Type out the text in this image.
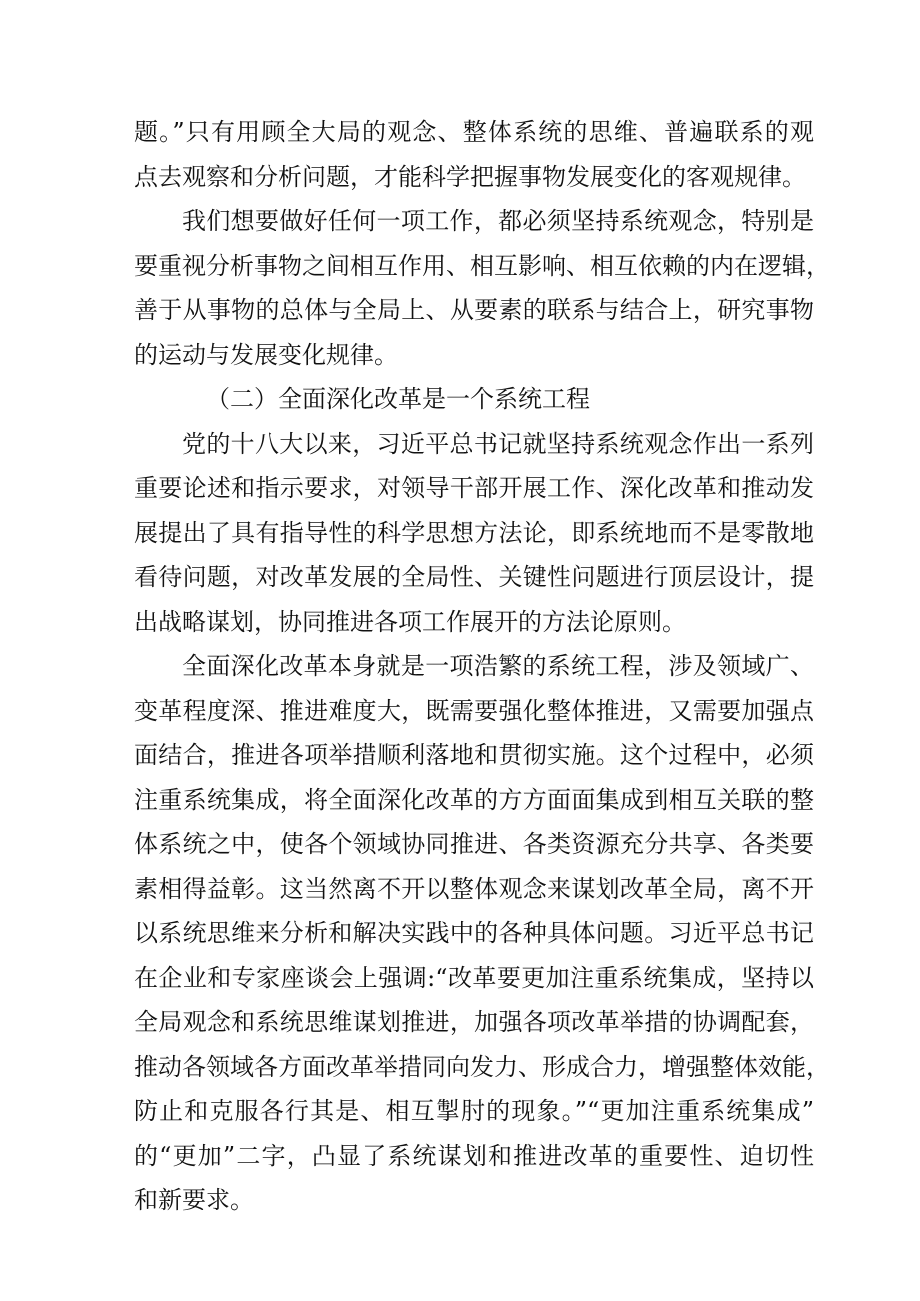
题。”只有用顾全大局的观念、整体系统的思维、普遍联系的观
点去观察和分析问题，才能科学把握事物发展变化的客观规律。
我们想要做好任何一项工作，都必须坚持系统观念，特别是
要重视分析事物之间相互作用、相互影响、相互依赖的内在逻辑，
善于从事物的总体与全局上、从要素的联系与结合上，研究事物
的运动与发展变化规律。
（二）全面深化改革是一个系统工程
党的十八大以来，习近平总书记就坚持系统观念作出一系列
重要论述和指示要求，对领导干部开展工作、深化改革和推动发
展提出了具有指导性的科学思想方法论，即系统地而不是零散地
看待问题，对改革发展的全局性、关键性问题进行顶层设计，提
出战略谋划，协同推进各项工作展开的方法论原则。
全面深化改革本身就是一项浩繁的系统工程，涉及领域广、
变革程度深、推进难度大，既需要强化整体推进，又需要加强点
面结合，推进各项举措顺利落地和贯彻实施。这个过程中，必须
注重系统集成，将全面深化改革的方方面面集成到相互关联的整
体系统之中，使各个领域协同推进、各类资源充分共享、各类要
素相得益彰。这当然离不开以整体观念来谋划改革全局，离不开
以系统思维来分析和解决实践中的各种具体问题。习近平总书记
在企业和专家座谈会上强调:“改革要更加注重系统集成，坚持以
全局观念和系统思维谋划推进，加强各项改革举措的协调配套，
推动各领域各方面改革举措同向发力、形成合力，增强整体效能，
防止和克服各行其是、相互掣肘的现象。”“更加注重系统集成”
的“更加”二字，凸显了系统谋划和推进改革的重要性、迫切性
和新要求。
